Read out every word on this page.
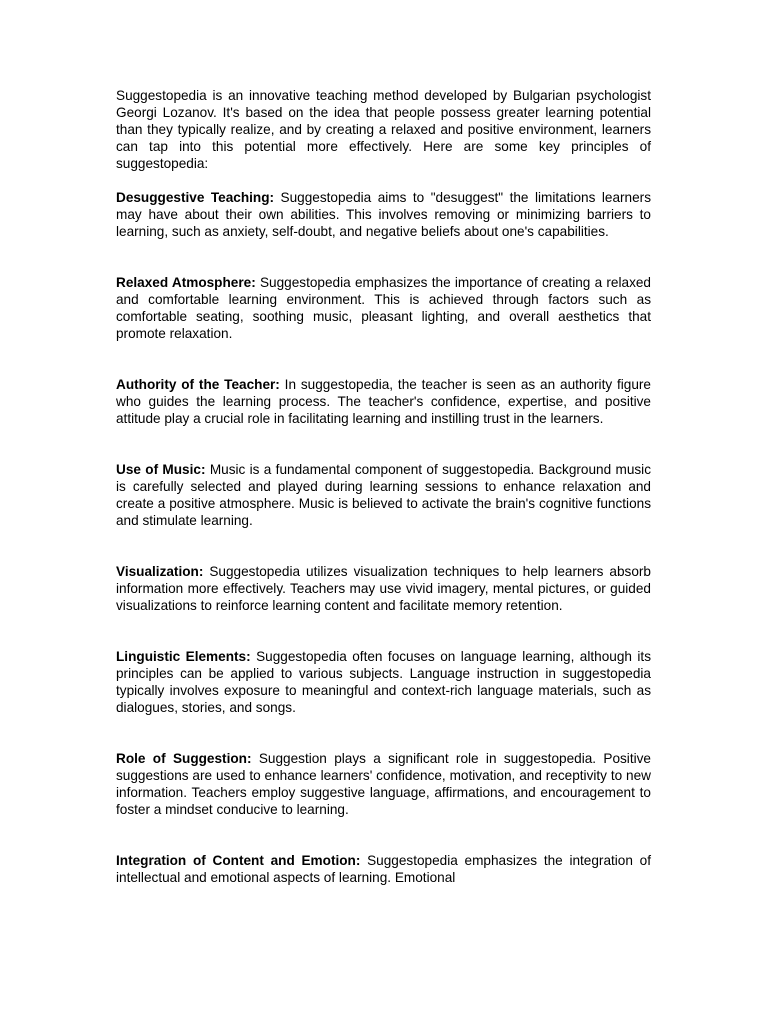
Suggestopedia is an innovative teaching method developed by Bulgarian psychologist Georgi Lozanov. It's based on the idea that people possess greater learning potential than they typically realize, and by creating a relaxed and positive environment, learners can tap into this potential more effectively. Here are some key principles of suggestopedia:

Desuggestive Teaching: Suggestopedia aims to "desuggest" the limitations learners may have about their own abilities. This involves removing or minimizing barriers to learning, such as anxiety, self-doubt, and negative beliefs about one's capabilities.

Relaxed Atmosphere: Suggestopedia emphasizes the importance of creating a relaxed and comfortable learning environment. This is achieved through factors such as comfortable seating, soothing music, pleasant lighting, and overall aesthetics that promote relaxation.

Authority of the Teacher: In suggestopedia, the teacher is seen as an authority figure who guides the learning process. The teacher's confidence, expertise, and positive attitude play a crucial role in facilitating learning and instilling trust in the learners.

Use of Music: Music is a fundamental component of suggestopedia. Background music is carefully selected and played during learning sessions to enhance relaxation and create a positive atmosphere. Music is believed to activate the brain's cognitive functions and stimulate learning.

Visualization: Suggestopedia utilizes visualization techniques to help learners absorb information more effectively. Teachers may use vivid imagery, mental pictures, or guided visualizations to reinforce learning content and facilitate memory retention.

Linguistic Elements: Suggestopedia often focuses on language learning, although its principles can be applied to various subjects. Language instruction in suggestopedia typically involves exposure to meaningful and context-rich language materials, such as dialogues, stories, and songs.

Role of Suggestion: Suggestion plays a significant role in suggestopedia. Positive suggestions are used to enhance learners' confidence, motivation, and receptivity to new information. Teachers employ suggestive language, affirmations, and encouragement to foster a mindset conducive to learning.

Integration of Content and Emotion: Suggestopedia emphasizes the integration of intellectual and emotional aspects of learning. Emotional
